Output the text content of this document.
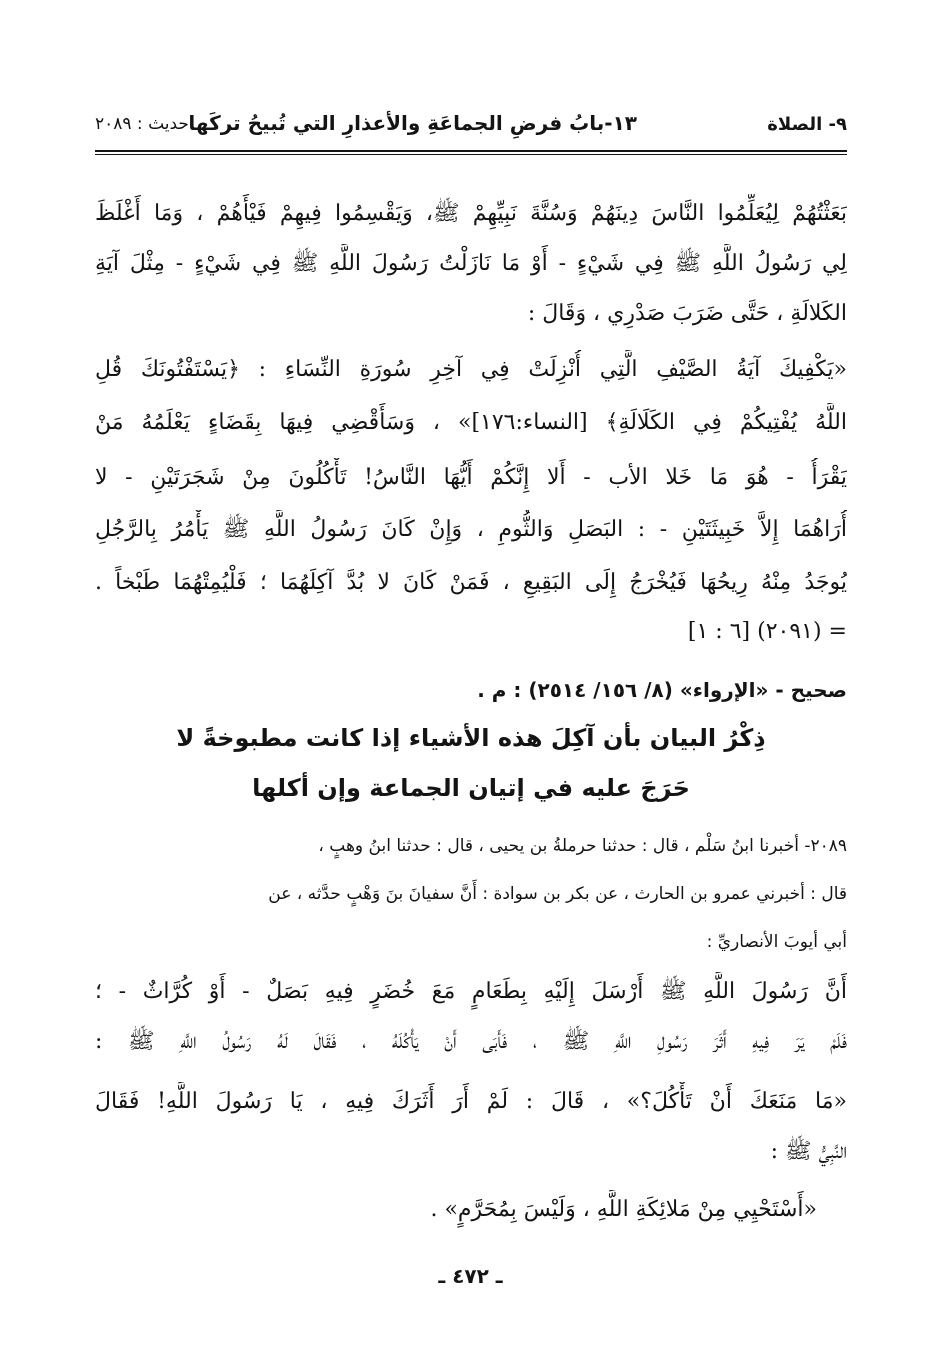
٩- الصلاة
١٣-بابُ فرضِ الجماعَةِ والأعذارِ التي تُبيحُ تركَها
حديث : ٢٠٨٩
بَعَثْتُهُمْ لِيُعَلِّمُوا النَّاسَ دِينَهُمْ وَسُنَّةَ نَبِيِّهِمْ ﷺ، وَيَقْسِمُوا فِيهِمْ فَيْأَهُمْ ، وَمَا أَغْلَظَ
لِي رَسُولُ اللَّهِ ﷺ فِي شَيْءٍ - أَوْ مَا نَازَلْتُ رَسُولَ اللَّهِ ﷺ فِي شَيْءٍ - مِثْلَ آيَةِ
الكَلالَةِ ، حَتَّى ضَرَبَ صَدْرِي ، وَقَالَ :
«يَكْفِيكَ آيَةُ الصَّيْفِ الَّتِي أُنْزِلَتْ فِي آخِرِ سُورَةِ النِّسَاءِ : ﴿يَسْتَفْتُونَكَ قُلِ
اللَّهُ يُفْتِيكُمْ فِي الكَلَالَةِ﴾ [النساء:١٧٦]» ، وَسَأَقْضِي فِيهَا بِقَضَاءٍ يَعْلَمُهُ مَنْ
يَقْرَأُ - هُوَ مَا خَلا الأب - أَلا إِنَّكُمْ أَيُّهَا النَّاسُ! تَأْكُلُونَ مِنْ شَجَرَتَيْنِ - لا
أُرَاهُمَا إِلاَّ خَبِيثَتَيْنِ - : البَصَلِ وَالثُّومِ ، وَإِنْ كَانَ رَسُولُ اللَّهِ ﷺ يَأْمُرُ بِالرَّجُلِ
يُوجَدُ مِنْهُ رِيحُهَا فَيُخْرَجُ إِلَى البَقِيعِ ، فَمَنْ كَانَ لا بُدَّ آكِلَهُمَا ؛ فَلْيُمِتْهُمَا طَبْخاً .
= (٢٠٩١) [٦ : ١]
صحيح - «الإرواء» (٨/ ١٥٦/ ٢٥١٤) : م .
ذِكْرُ البيان بأن آكِلَ هذه الأشياء إذا كانت مطبوخةً لا
حَرَجَ عليه في إتيان الجماعة وإن أكلها
٢٠٨٩- أخبرنا ابنُ سَلْم ، قال : حدثنا حرملةُ بن يحيى ، قال : حدثنا ابنُ وهبٍ ،
قال : أخبرني عمرو بن الحارث ، عن بكر بن سوادة : أَنَّ سفيانَ بنَ وَهْبٍ حدَّثه ، عن
أبي أيوبَ الأنصاريِّ :
أَنَّ رَسُولَ اللَّهِ ﷺ أَرْسَلَ إِلَيْهِ بِطَعَامٍ مَعَ خُضَرٍ فِيهِ بَصَلٌ - أَوْ كُرَّاثٌ - ؛
فَلَمْ يَرَ فِيهِ أَثَرَ رَسُولِ اللَّهِ ﷺ ، فَأَبَى أَنْ يَأْكُلَهُ ، فَقَالَ لَهُ رَسُولُ اللَّهِ ﷺ :
«مَا مَنَعَكَ أَنْ تَأْكُلَ؟» ، قَالَ : لَمْ أَرَ أَثَرَكَ فِيهِ ، يَا رَسُولَ اللَّهِ! فَقَالَ
النَّبِيُّ ﷺ :
«أَسْتَحْيِي مِنْ مَلائِكَةِ اللَّهِ ، وَلَيْسَ بِمُحَرَّمٍ» .
ـ ٤٧٢ ـ
